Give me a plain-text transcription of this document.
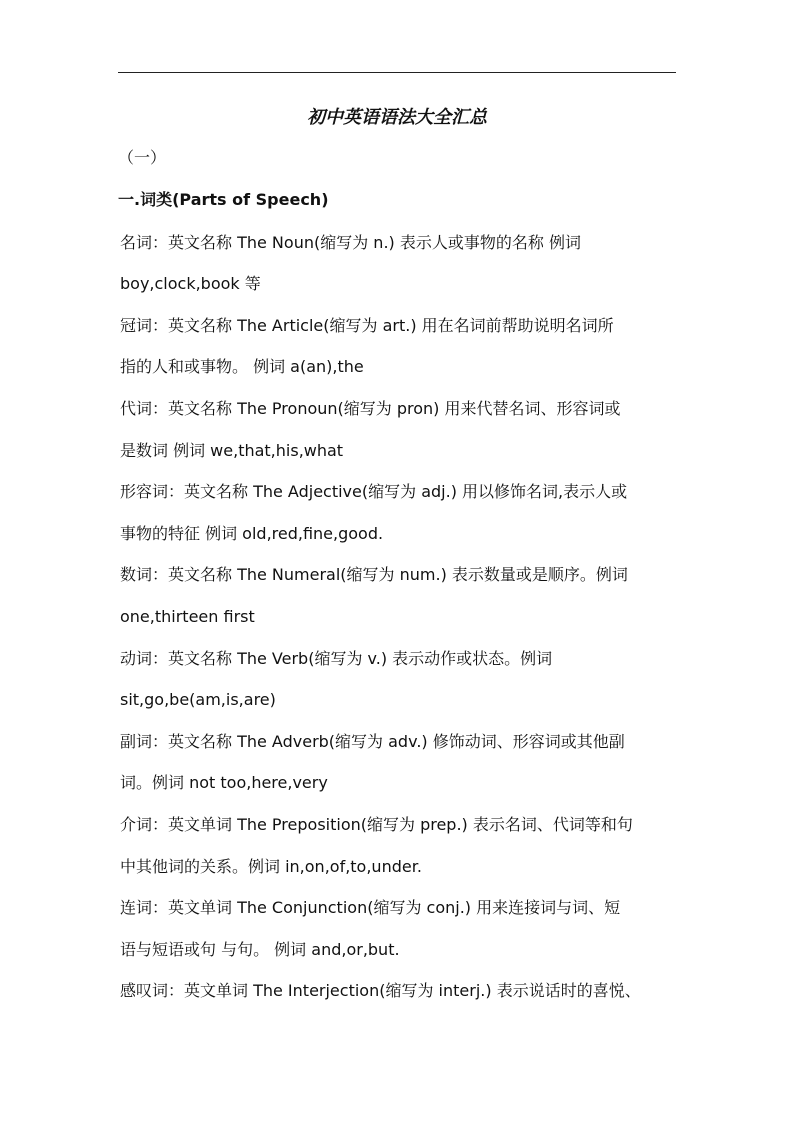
初中英语语法大全汇总
（一）
一.词类(Parts of Speech)
名词：英文名称 The Noun(缩写为 n.) 表示人或事物的名称 例词
boy,clock,book 等
冠词：英文名称 The Article(缩写为 art.) 用在名词前帮助说明名词所
指的人和或事物。 例词 a(an),the
代词：英文名称 The Pronoun(缩写为 pron) 用来代替名词、形容词或
是数词 例词 we,that,his,what
形容词：英文名称 The Adjective(缩写为 adj.) 用以修饰名词,表示人或
事物的特征 例词 old,red,fine,good.
数词：英文名称 The Numeral(缩写为 num.) 表示数量或是顺序。例词
one,thirteen first
动词：英文名称 The Verb(缩写为 v.) 表示动作或状态。例词
sit,go,be(am,is,are)
副词：英文名称 The Adverb(缩写为 adv.) 修饰动词、形容词或其他副
词。例词 not too,here,very
介词：英文单词 The Preposition(缩写为 prep.) 表示名词、代词等和句
中其他词的关系。例词 in,on,of,to,under.
连词：英文单词 The Conjunction(缩写为 conj.) 用来连接词与词、短
语与短语或句 与句。 例词 and,or,but.
感叹词：英文单词 The Interjection(缩写为 interj.) 表示说话时的喜悦、
